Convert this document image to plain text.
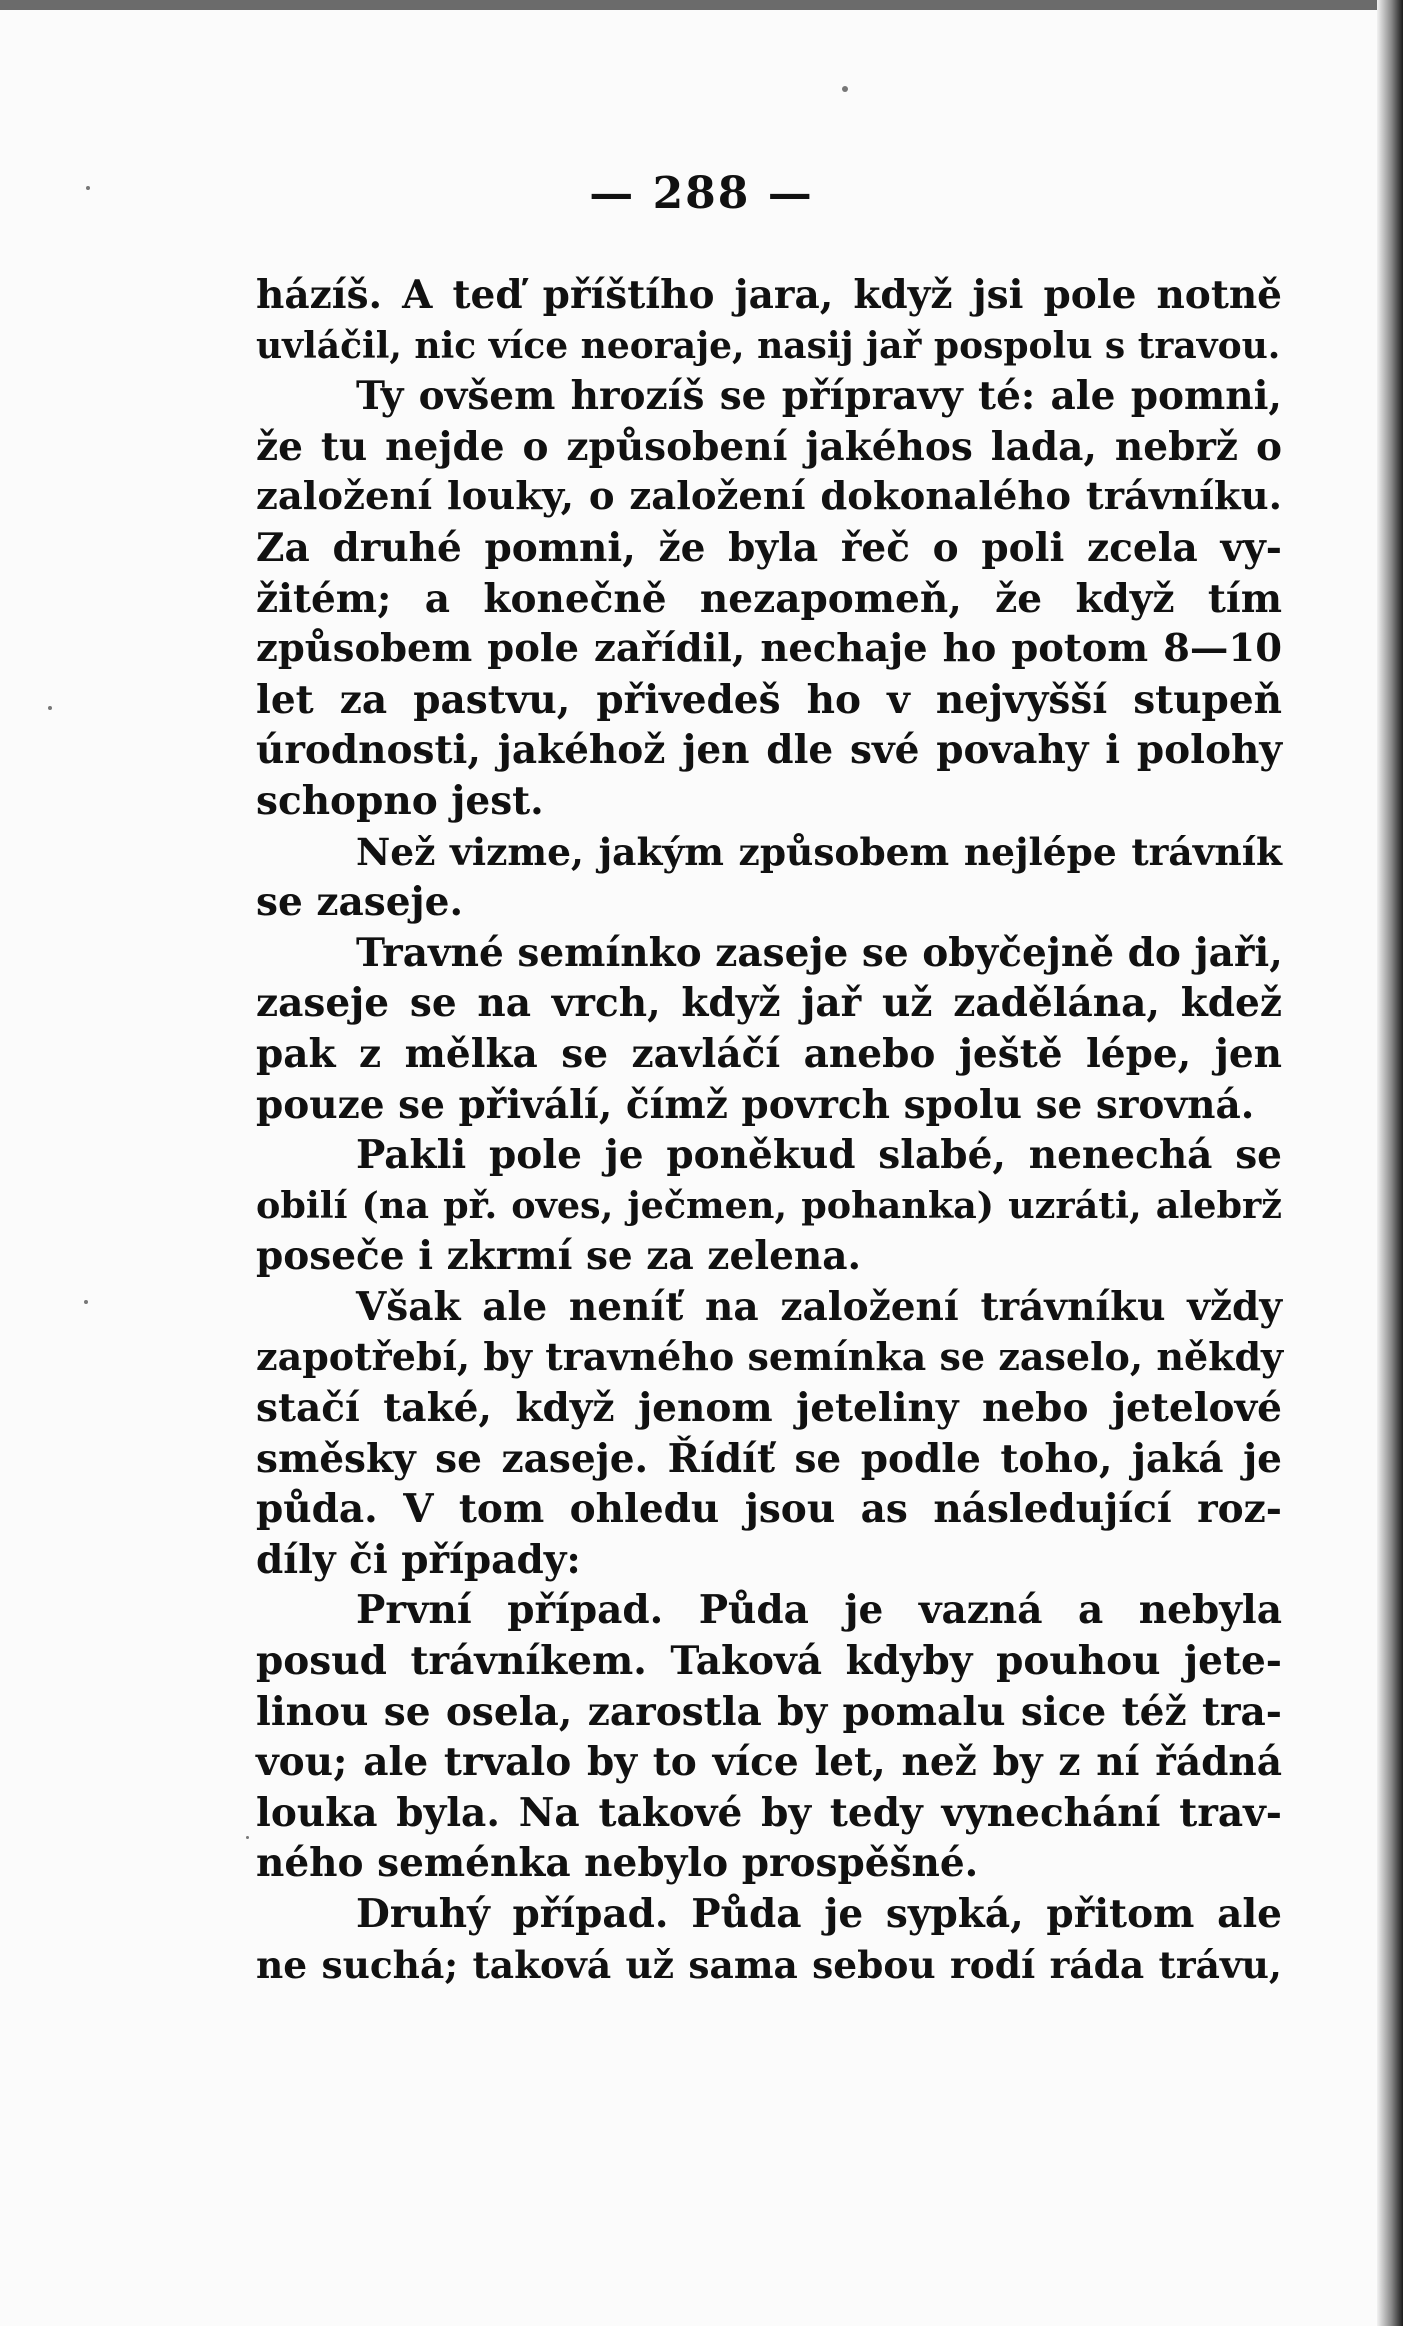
— 288 —
házíš. A teď příštího jara, když jsi pole notně
uvláčil, nic více neoraje, nasij jař pospolu s travou.
Ty ovšem hrozíš se přípravy té: ale pomni,
že tu nejde o způsobení jakéhos lada, nebrž o
založení louky, o založení dokonalého trávníku.
Za druhé pomni, že byla řeč o poli zcela vy-
žitém; a konečně nezapomeň, že když tím
způsobem pole zařídil, nechaje ho potom 8—10
let za pastvu, přivedeš ho v nejvyšší stupeň
úrodnosti, jakéhož jen dle své povahy i polohy
schopno jest.
Než vizme, jakým způsobem nejlépe trávník
se zaseje.
Travné semínko zaseje se obyčejně do jaři,
zaseje se na vrch, když jař už zadělána, kdež
pak z mělka se zavláčí anebo ještě lépe, jen
pouze se přiválí, čímž povrch spolu se srovná.
Pakli pole je poněkud slabé, nenechá se
obilí (na př. oves, ječmen, pohanka) uzráti, alebrž
poseče i zkrmí se za zelena.
Však ale neníť na založení trávníku vždy
zapotřebí, by travného semínka se zaselo, někdy
stačí také, když jenom jeteliny nebo jetelové
směsky se zaseje. Řídíť se podle toho, jaká je
půda. V tom ohledu jsou as následující roz-
díly či případy:
První případ. Půda je vazná a nebyla
posud trávníkem. Taková kdyby pouhou jete-
linou se osela, zarostla by pomalu sice též tra-
vou; ale trvalo by to více let, než by z ní řádná
louka byla. Na takové by tedy vynechání trav-
ného seménka nebylo prospěšné.
Druhý případ. Půda je sypká, přitom ale
ne suchá; taková už sama sebou rodí ráda trávu,
